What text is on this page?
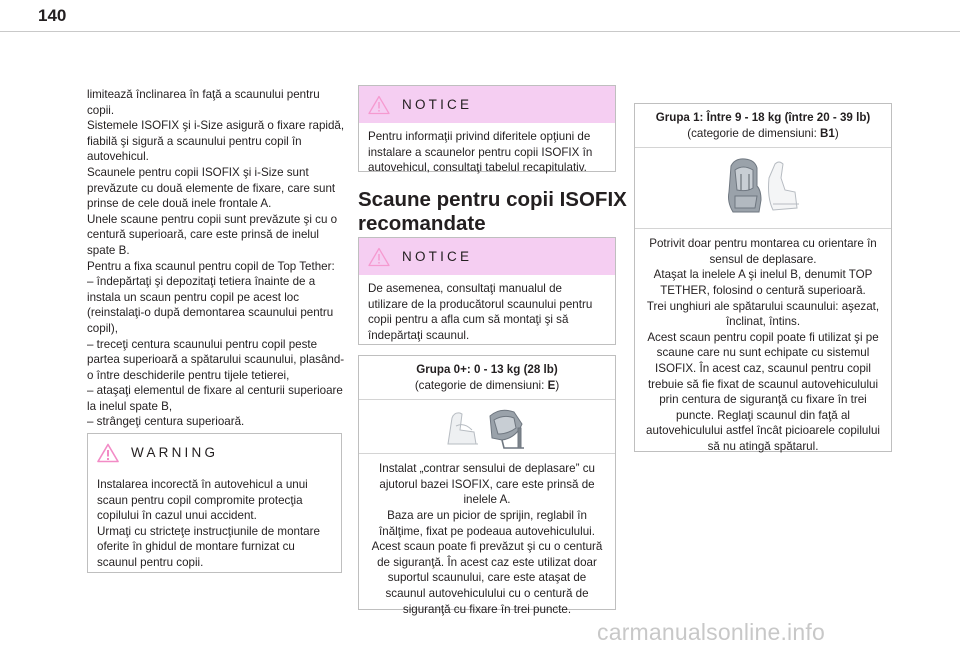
140
limitează înclinarea în faţă a scaunului pentru copii.
Sistemele ISOFIX şi i-Size asigură o fixare rapidă, fiabilă şi sigură a scaunului pentru copil în autovehicul.
Scaunele pentru copii ISOFIX şi i-Size sunt prevăzute cu două elemente de fixare, care sunt prinse de cele două inele frontale A.
Unele scaune pentru copii sunt prevăzute şi cu o centură superioară, care este prinsă de inelul spate B.
Pentru a fixa scaunul pentru copil de Top Tether:
– îndepărtaţi şi depozitaţi tetiera înainte de a instala un scaun pentru copil pe acest loc (reinstalaţi-o după demontarea scaunului pentru copil),
– treceţi centura scaunului pentru copil peste partea superioară a spătarului scaunului, plasând-o între deschiderile pentru tijele tetierei,
– ataşaţi elementul de fixare al centurii superioare la inelul spate B,
– strângeţi centura superioară.
WARNING
Instalarea incorectă în autovehicul a unui scaun pentru copil compromite protecţia copilului în cazul unui accident.
Urmaţi cu stricteţe instrucţiunile de montare oferite în ghidul de montare furnizat cu scaunul pentru copii.
NOTICE
Pentru informaţii privind diferitele opţiuni de instalare a scaunelor pentru copii ISOFIX în autovehicul, consultaţi tabelul recapitulativ.
Scaune pentru copii ISOFIX
recomandate
NOTICE
De asemenea, consultaţi manualul de utilizare de la producătorul scaunului pentru copii pentru a afla cum să montaţi şi să îndepărtaţi scaunul.
Grupa 0+: 0 - 13 kg (28 lb)
(categorie de dimensiuni: E)
Instalat „contrar sensului de deplasare” cu ajutorul bazei ISOFIX, care este prinsă de inelele A.
Baza are un picior de sprijin, reglabil în înălţime, fixat pe podeaua autovehiculului.
Acest scaun poate fi prevăzut şi cu o centură de siguranţă. În acest caz este utilizat doar suportul scaunului, care este ataşat de scaunul autovehiculului cu o centură de siguranţă cu fixare în trei puncte.
Grupa 1: Între 9 - 18 kg (între 20 - 39 lb)
(categorie de dimensiuni: B1)
Potrivit doar pentru montarea cu orientare în sensul de deplasare.
Ataşat la inelele A şi inelul B, denumit TOP TETHER, folosind o centură superioară.
Trei unghiuri ale spătarului scaunului: aşezat, înclinat, întins.
Acest scaun pentru copil poate fi utilizat şi pe scaune care nu sunt echipate cu sistemul ISOFIX. În acest caz, scaunul pentru copil trebuie să fie fixat de scaunul autovehiculului prin centura de siguranţă cu fixare în trei puncte. Reglaţi scaunul din faţă al autovehiculului astfel încât picioarele copilului să nu atingă spătarul.
carmanualsonline.info
